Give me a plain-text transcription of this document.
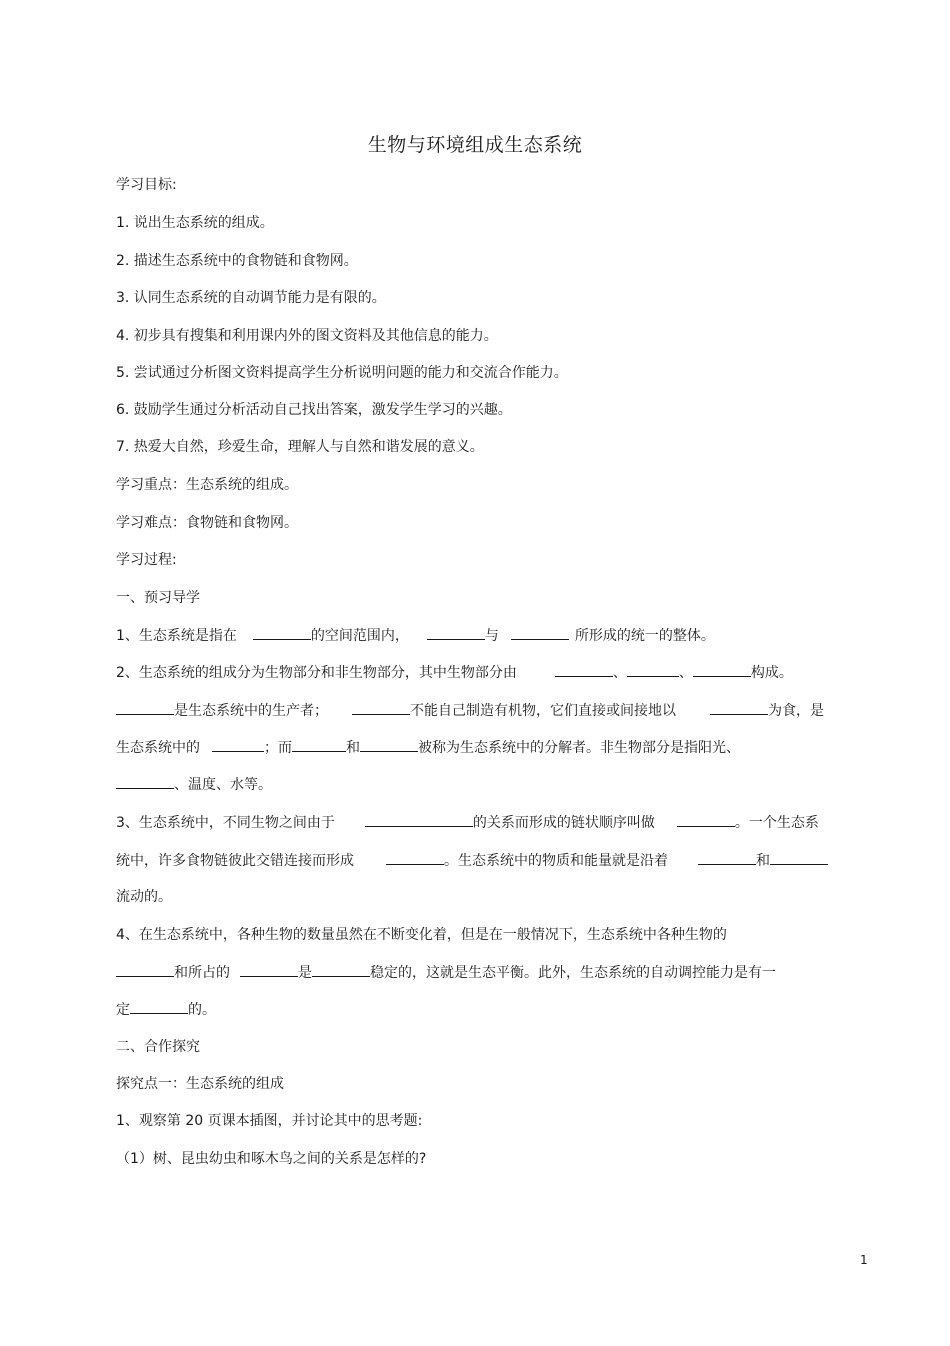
生物与环境组成生态系统
学习目标:
1. 说出生态系统的组成。
2. 描述生态系统中的食物链和食物网。
3. 认同生态系统的自动调节能力是有限的。
4. 初步具有搜集和利用课内外的图文资料及其他信息的能力。
5. 尝试通过分析图文资料提高学生分析说明问题的能力和交流合作能力。
6. 鼓励学生通过分析活动自己找出答案，激发学生学习的兴趣。
7. 热爱大自然，珍爱生命，理解人与自然和谐发展的意义。
学习重点：生态系统的组成。
学习难点：食物链和食物网。
学习过程:
一、预习导学
1、生态系统是指在	的空间范围内，	与	所形成的统一的整体。
2、生态系统的组成分为生物部分和非生物部分，其中生物部分由	、	、	构成。
是生态系统中的生产者；	不能自己制造有机物，它们直接或间接地以	为食，是
生态系统中的	；而	和	被称为生态系统中的分解者。非生物部分是指阳光、
、温度、水等。
3、生态系统中，不同生物之间由于	的关系而形成的链状顺序叫做	。一个生态系
统中，许多食物链彼此交错连接而形成	。生态系统中的物质和能量就是沿着	和
流动的。
4、在生态系统中，各种生物的数量虽然在不断变化着，但是在一般情况下，生态系统中各种生物的
和所占的	是	稳定的，这就是生态平衡。此外，生态系统的自动调控能力是有一
定	的。
二、合作探究
探究点一：生态系统的组成
1、观察第 20 页课本插图，并讨论其中的思考题:
（1）树、昆虫幼虫和啄木鸟之间的关系是怎样的?
1
